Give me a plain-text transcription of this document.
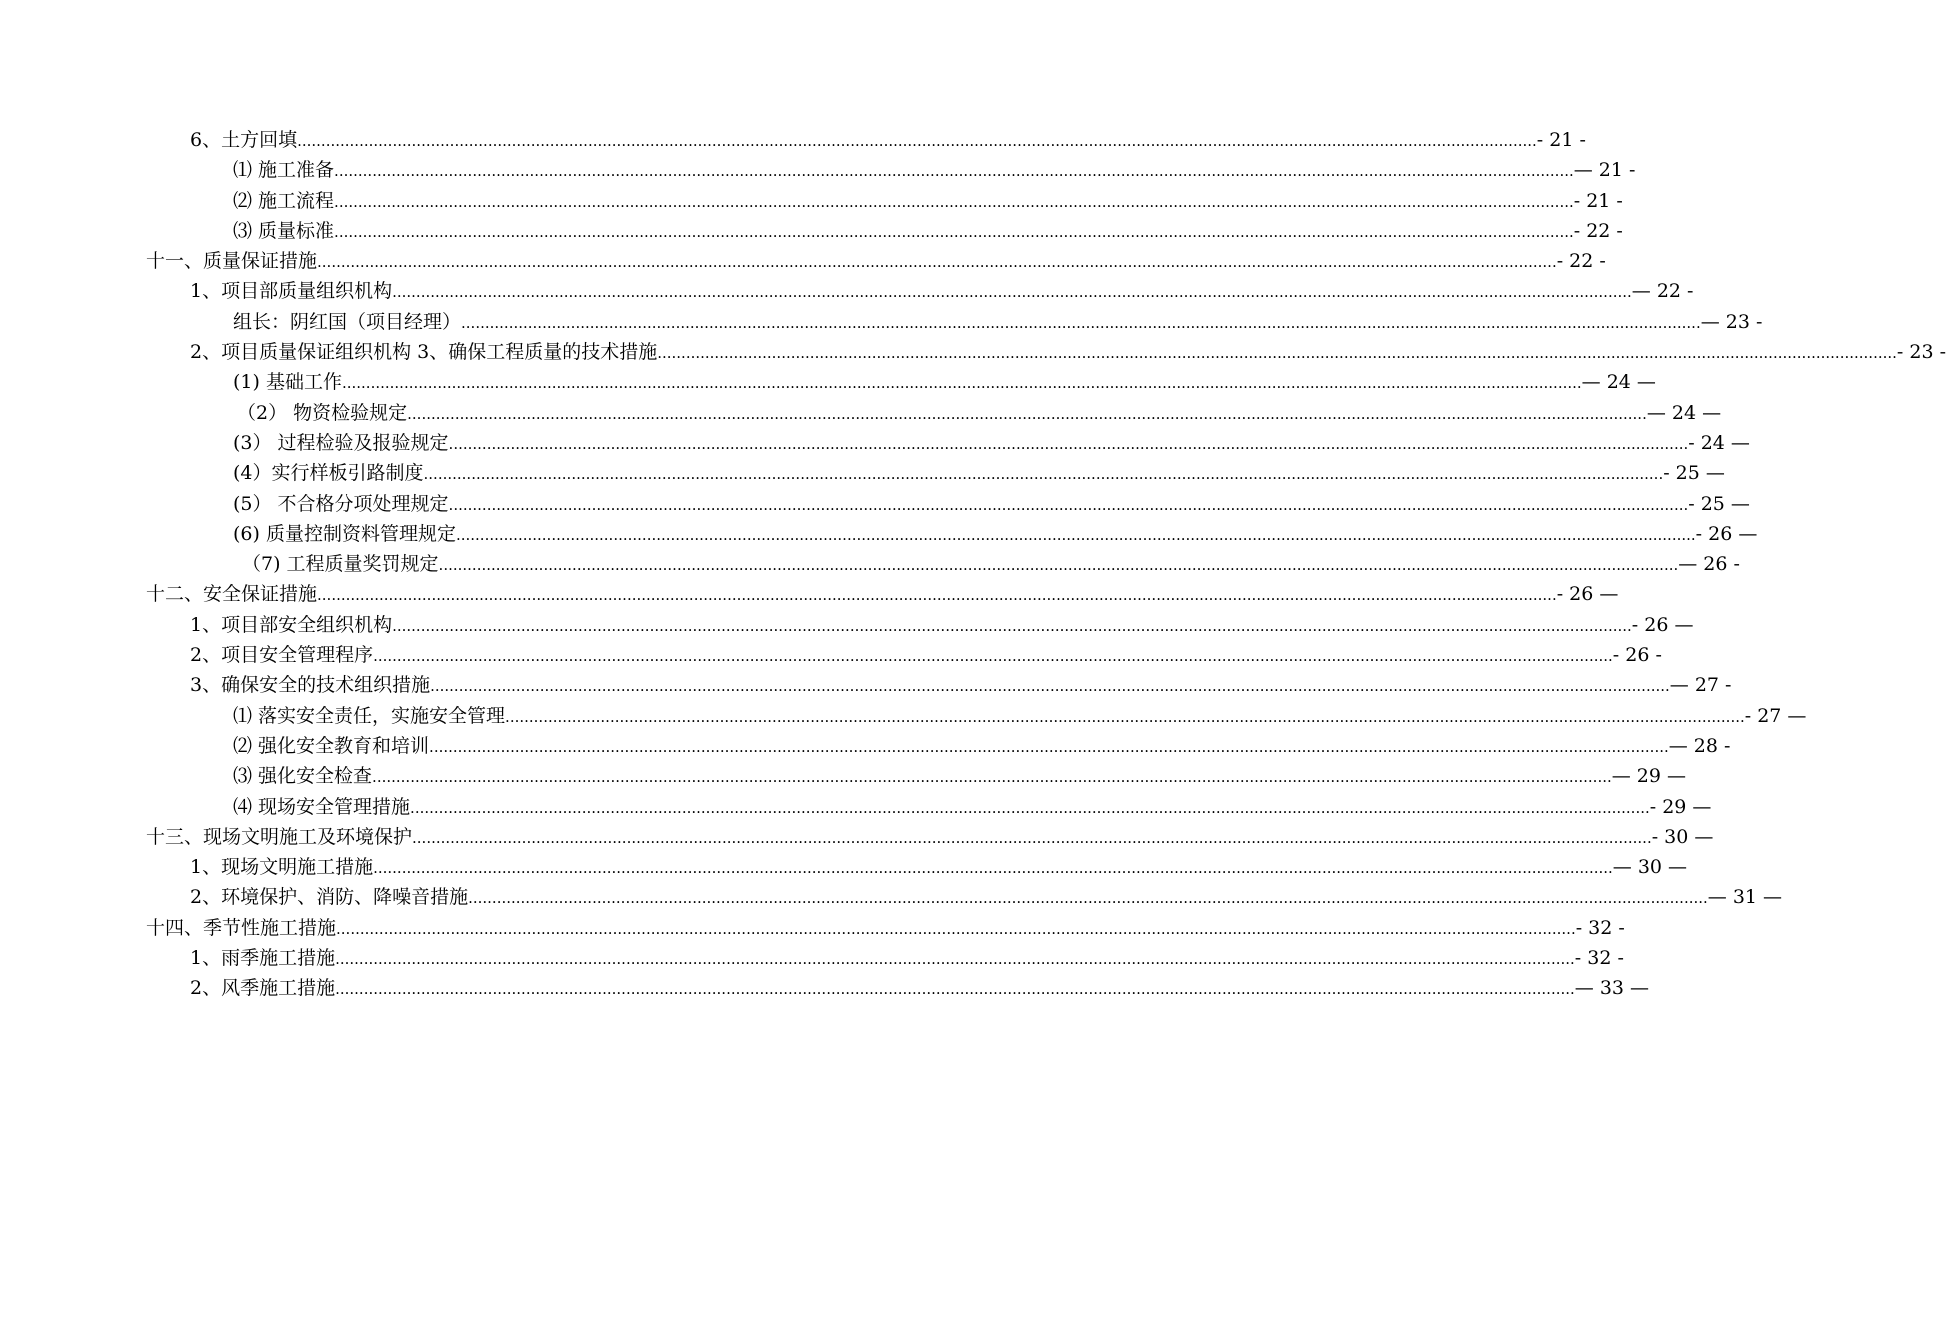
6、土方回填 .................................................................................................................................................................................................................................................................... - 21 -
⑴ 施工准备 .................................................................................................................................................................................................................................................................... — 21 -
⑵ 施工流程 .................................................................................................................................................................................................................................................................... - 21 -
⑶ 质量标准 .................................................................................................................................................................................................................................................................... - 22 -
十一、质量保证措施 .................................................................................................................................................................................................................................................................... - 22 -
1、项目部质量组织机构 .................................................................................................................................................................................................................................................................... — 22 -
组长：阴红国（项目经理） .................................................................................................................................................................................................................................................................... — 23 -
2、项目质量保证组织机构 3、确保工程质量的技术措施 .................................................................................................................................................................................................................................................................... - 23 -
(1) 基础工作 .................................................................................................................................................................................................................................................................... — 24 —
（2） 物资检验规定 .................................................................................................................................................................................................................................................................... — 24 —
(3） 过程检验及报验规定 .................................................................................................................................................................................................................................................................... - 24 —
(4）实行样板引路制度 .................................................................................................................................................................................................................................................................... - 25 —
(5） 不合格分项处理规定 .................................................................................................................................................................................................................................................................... - 25 —
(6) 质量控制资料管理规定 .................................................................................................................................................................................................................................................................... - 26 —
（7) 工程质量奖罚规定 .................................................................................................................................................................................................................................................................... — 26 -
十二、安全保证措施 .................................................................................................................................................................................................................................................................... - 26 —
1、项目部安全组织机构 .................................................................................................................................................................................................................................................................... - 26 —
2、项目安全管理程序 .................................................................................................................................................................................................................................................................... - 26 -
3、确保安全的技术组织措施 .................................................................................................................................................................................................................................................................... — 27 -
⑴ 落实安全责任，实施安全管理 .................................................................................................................................................................................................................................................................... - 27 —
⑵ 强化安全教育和培训 .................................................................................................................................................................................................................................................................... — 28 -
⑶ 强化安全检查 .................................................................................................................................................................................................................................................................... — 29 —
⑷ 现场安全管理措施 .................................................................................................................................................................................................................................................................... - 29 —
十三、现场文明施工及环境保护 .................................................................................................................................................................................................................................................................... - 30 —
1、现场文明施工措施 .................................................................................................................................................................................................................................................................... — 30 —
2、环境保护、消防、降噪音措施 .................................................................................................................................................................................................................................................................... — 31 —
十四、季节性施工措施 .................................................................................................................................................................................................................................................................... - 32 -
1、雨季施工措施 .................................................................................................................................................................................................................................................................... - 32 -
2、风季施工措施 .................................................................................................................................................................................................................................................................... — 33 —
